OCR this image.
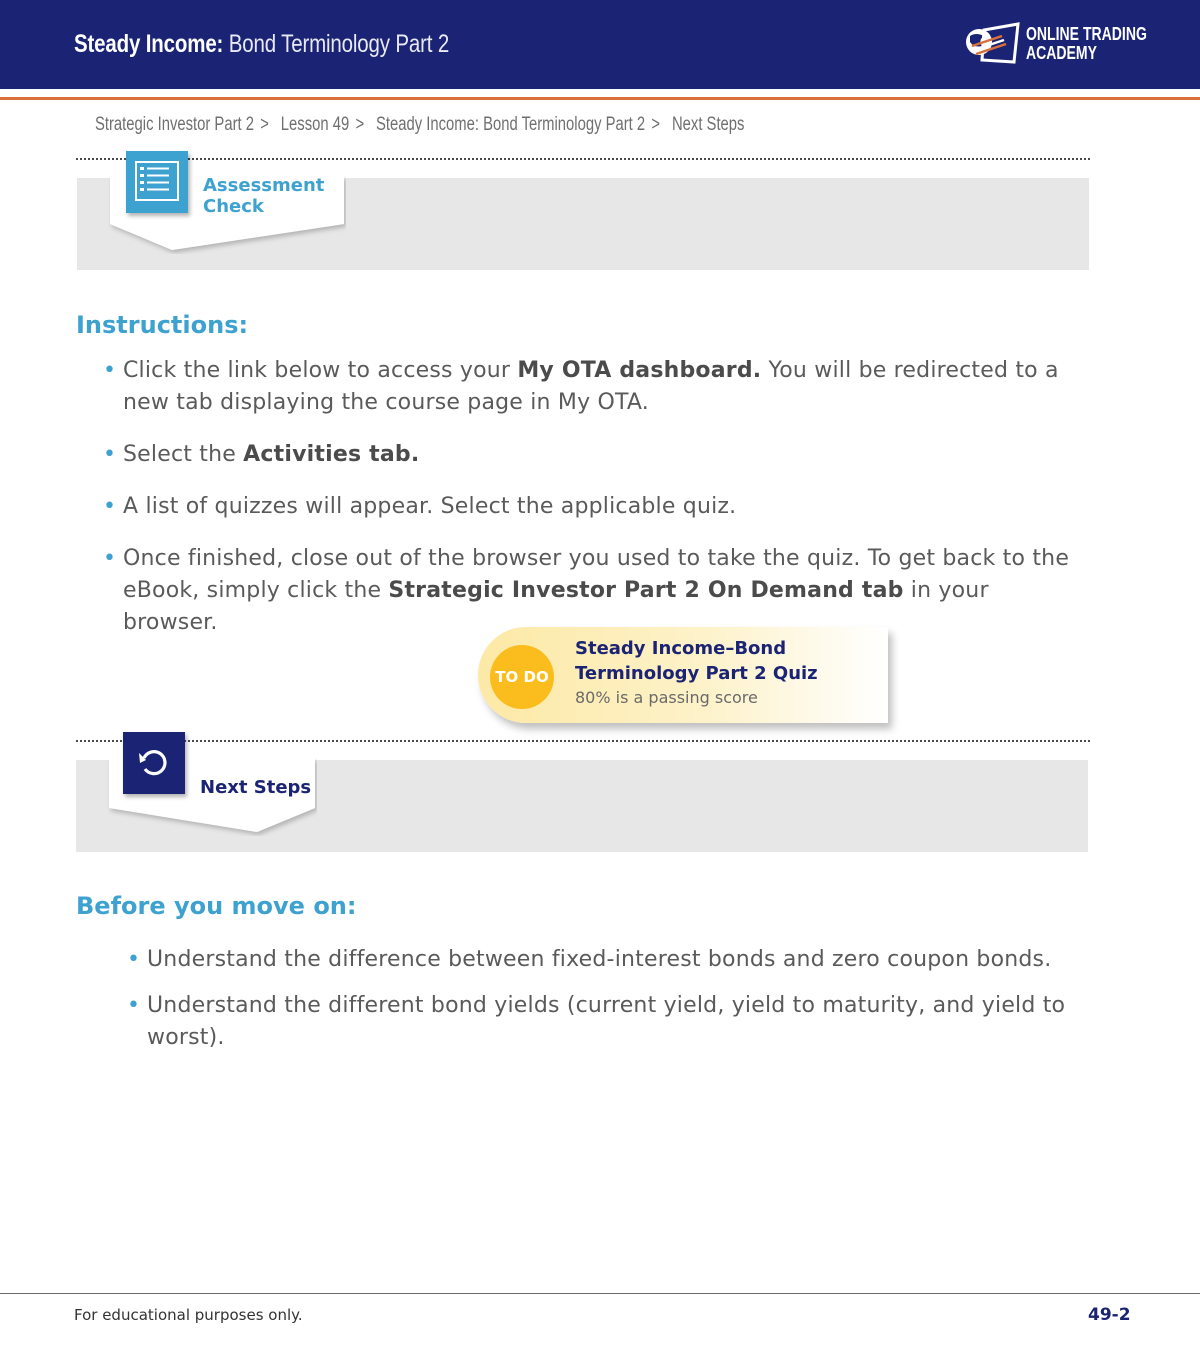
Steady Income: Bond Terminology Part 2	ONLINE TRADING
ACADEMY
Strategic Investor Part 2 > Lesson 49 > Steady Income: Bond Terminology Part 2 > Next Steps
Assessment
Check
Instructions:
• Click the link below to access your My OTA dashboard. You will be redirected to a new tab displaying the course page in My OTA.
• Select the Activities tab.
• A list of quizzes will appear. Select the applicable quiz.
• Once finished, close out of the browser you used to take the quiz. To get back to the eBook, simply click the Strategic Investor Part 2 On Demand tab in your browser.
TO DO
Steady Income–Bond Terminology Part 2 Quiz
80% is a passing score
Next Steps
Before you move on:
• Understand the difference between fixed-interest bonds and zero coupon bonds.
• Understand the different bond yields (current yield, yield to maturity, and yield to worst).
For educational purposes only.	49-2
